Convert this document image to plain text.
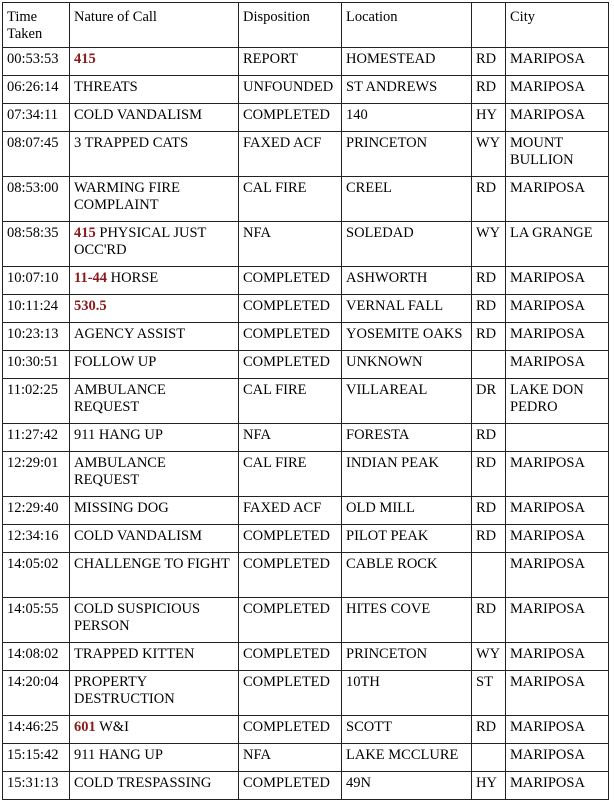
Time Taken	Nature of Call	Disposition	Location		City
00:53:53	415	REPORT	HOMESTEAD	RD	MARIPOSA
06:26:14	THREATS	UNFOUNDED	ST ANDREWS	RD	MARIPOSA
07:34:11	COLD VANDALISM	COMPLETED	140	HY	MARIPOSA
08:07:45	3 TRAPPED CATS	FAXED ACF	PRINCETON	WY	MOUNT BULLION
08:53:00	WARMING FIRE COMPLAINT	CAL FIRE	CREEL	RD	MARIPOSA
08:58:35	415 PHYSICAL JUST OCC'RD	NFA	SOLEDAD	WY	LA GRANGE
10:07:10	11-44 HORSE	COMPLETED	ASHWORTH	RD	MARIPOSA
10:11:24	530.5	COMPLETED	VERNAL FALL	RD	MARIPOSA
10:23:13	AGENCY ASSIST	COMPLETED	YOSEMITE OAKS	RD	MARIPOSA
10:30:51	FOLLOW UP	COMPLETED	UNKNOWN		MARIPOSA
11:02:25	AMBULANCE REQUEST	CAL FIRE	VILLAREAL	DR	LAKE DON PEDRO
11:27:42	911 HANG UP	NFA	FORESTA	RD	
12:29:01	AMBULANCE REQUEST	CAL FIRE	INDIAN PEAK	RD	MARIPOSA
12:29:40	MISSING DOG	FAXED ACF	OLD MILL	RD	MARIPOSA
12:34:16	COLD VANDALISM	COMPLETED	PILOT PEAK	RD	MARIPOSA
14:05:02	CHALLENGE TO FIGHT	COMPLETED	CABLE ROCK		MARIPOSA
14:05:55	COLD SUSPICIOUS PERSON	COMPLETED	HITES COVE	RD	MARIPOSA
14:08:02	TRAPPED KITTEN	COMPLETED	PRINCETON	WY	MARIPOSA
14:20:04	PROPERTY DESTRUCTION	COMPLETED	10TH	ST	MARIPOSA
14:46:25	601 W&I	COMPLETED	SCOTT	RD	MARIPOSA
15:15:42	911 HANG UP	NFA	LAKE MCCLURE		MARIPOSA
15:31:13	COLD TRESPASSING	COMPLETED	49N	HY	MARIPOSA
